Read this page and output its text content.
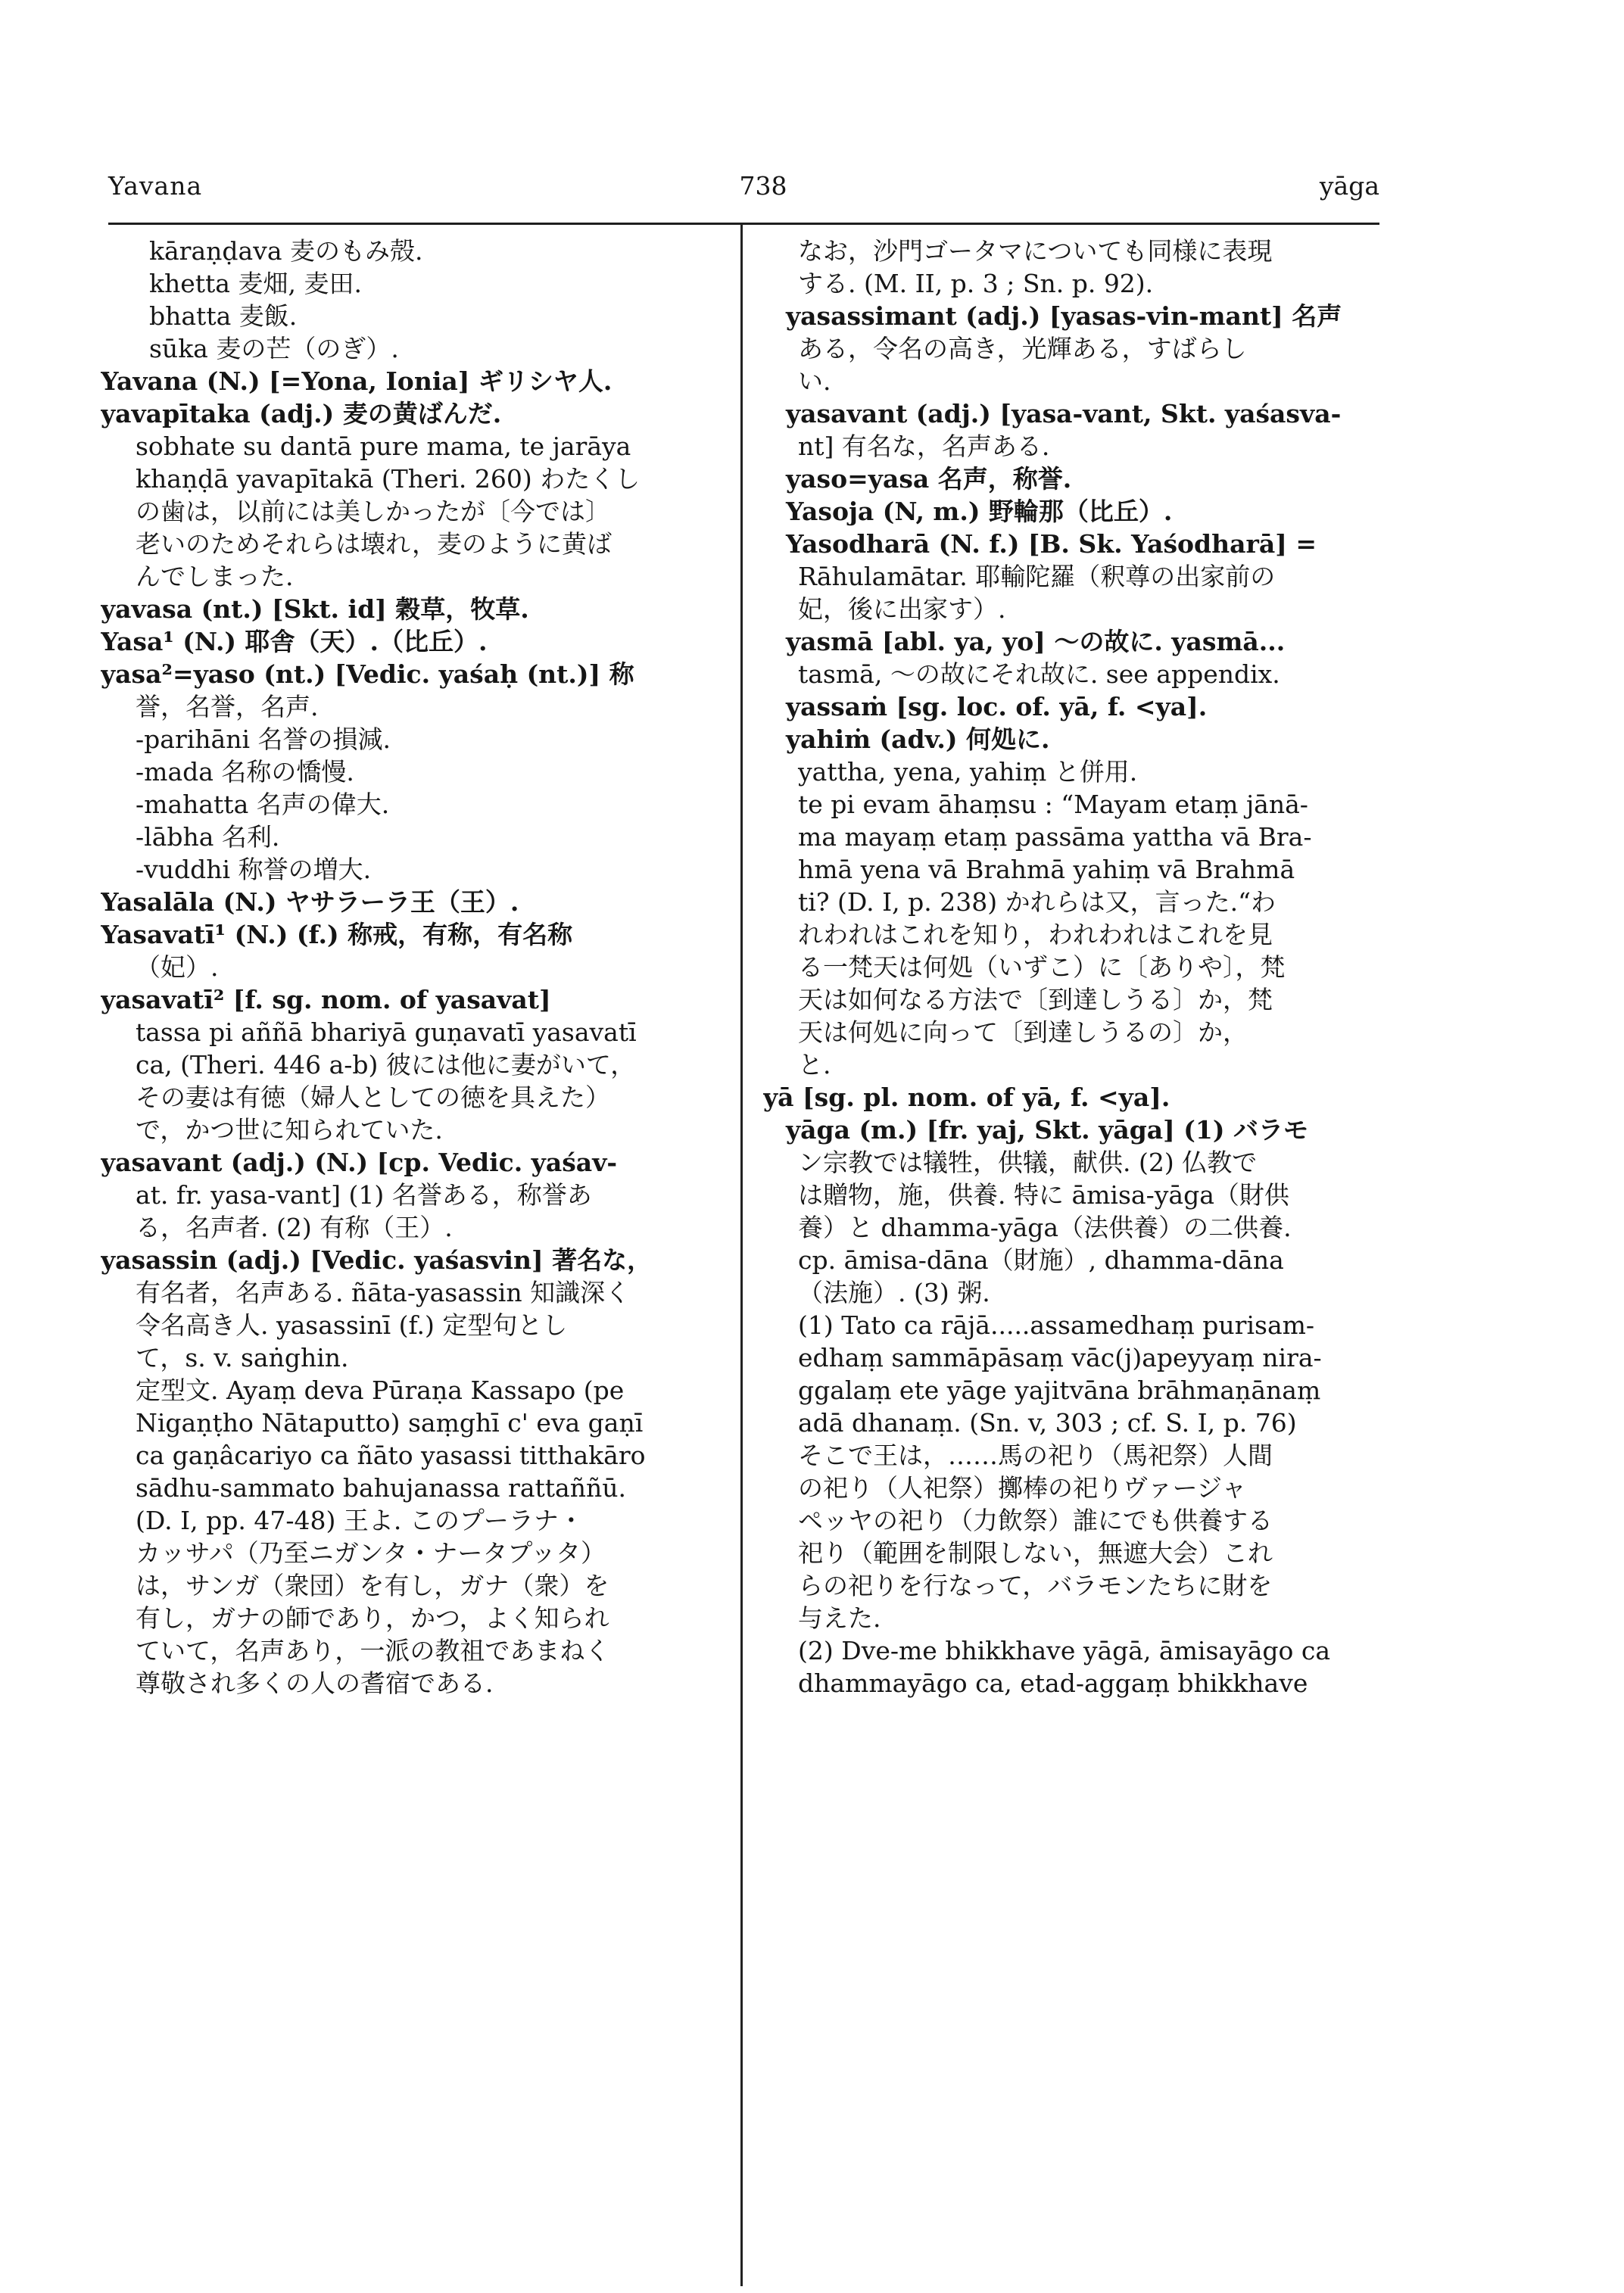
Yavana	738	yāga
kāraṇḍava 麦のもみ殻.
khetta 麦畑, 麦田.
bhatta 麦飯.
sūka 麦の芒（のぎ）.
Yavana (N.) [=Yona, Ionia] ギリシヤ人.
yavapītaka (adj.) 麦の黄ばんだ.
sobhate su dantā pure mama, te jarāya
khaṇḍā yavapītakā (Theri. 260) わたくし
の歯は，以前には美しかったが〔今では〕
老いのためそれらは壊れ，麦のように黄ば
んでしまった.
yavasa (nt.) [Skt. id] 穀草，牧草.
Yasa¹ (N.) 耶舎（天）.（比丘）.
yasa²=yaso (nt.) [Vedic. yaśaḥ (nt.)] 称
誉，名誉，名声.
-parihāni 名誉の損減.
-mada 名称の憍慢.
-mahatta 名声の偉大.
-lābha 名利.
-vuddhi 称誉の増大.
Yasalāla (N.) ヤサラーラ王（王）.
Yasavatī¹ (N.) (f.) 称戒，有称，有名称
（妃）.
yasavatī² [f. sg. nom. of yasavat]
tassa pi aññā bhariyā guṇavatī yasavatī
ca, (Theri. 446 a-b) 彼には他に妻がいて，
その妻は有徳（婦人としての徳を具えた）
で，かつ世に知られていた.
yasavant (adj.) (N.) [cp. Vedic. yaśav-
at. fr. yasa-vant] (1) 名誉ある，称誉あ
る，名声者. (2) 有称（王）.
yasassin (adj.) [Vedic. yaśasvin] 著名な，
有名者，名声ある. ñāta-yasassin 知識深く
令名高き人. yasassinī (f.) 定型句とし
て，s. v. saṅghin.
定型文. Ayaṃ deva Pūraṇa Kassapo (pe
Nigaṇṭho Nātaputto) saṃghī c' eva gaṇī
ca gaṇâcariyo ca ñāto yasassi titthakāro
sādhu-sammato bahujanassa rattaññū.
(D. I, pp. 47-48) 王よ. このプーラナ・
カッサパ（乃至ニガンタ・ナータプッタ）
は，サンガ（衆団）を有し，ガナ（衆）を
有し，ガナの師であり，かつ，よく知られ
ていて，名声あり，一派の教祖であまねく
尊敬され多くの人の耆宿である.
なお，沙門ゴータマについても同様に表現
する. (M. II, p. 3 ; Sn. p. 92).
yasassimant (adj.) [yasas-vin-mant] 名声
ある，令名の高き，光輝ある，すばらし
い.
yasavant (adj.) [yasa-vant, Skt. yaśasva-
nt] 有名な，名声ある.
yaso=yasa 名声，称誉.
Yasoja (N, m.) 野輪那（比丘）.
Yasodharā (N. f.) [B. Sk. Yaśodharā] =
Rāhulamātar. 耶輸陀羅（釈尊の出家前の
妃，後に出家す）.
yasmā [abl. ya, yo] ～の故に. yasmā...
tasmā, ～の故にそれ故に. see appendix.
yassaṁ [sg. loc. of. yā, f. <ya].
yahiṁ (adv.) 何処に.
yattha, yena, yahiṃ と併用.
te pi evam āhaṃsu : “Mayam etaṃ jānā-
ma mayaṃ etaṃ passāma yattha vā Bra-
hmā yena vā Brahmā yahiṃ vā Brahmā
ti? (D. I, p. 238) かれらは又，言った.“わ
れわれはこれを知り，われわれはこれを見
る一梵天は何処（いずこ）に〔ありや〕，梵
天は如何なる方法で〔到達しうる〕か，梵
天は何処に向って〔到達しうるの〕か，
と.
yā [sg. pl. nom. of yā, f. <ya].
yāga (m.) [fr. yaj, Skt. yāga] (1) バラモ
ン宗教では犠牲，供犠，献供. (2) 仏教で
は贈物，施，供養. 特に āmisa-yāga（財供
養）と dhamma-yāga（法供養）の二供養.
cp. āmisa-dāna（財施）, dhamma-dāna
（法施）. (3) 粥.
(1) Tato ca rājā.....assamedhaṃ purisam-
edhaṃ sammāpāsaṃ vāc(j)apeyyaṃ nira-
ggalaṃ ete yāge yajitvāna brāhmaṇānaṃ
adā dhanaṃ. (Sn. v, 303 ; cf. S. I, p. 76)
そこで王は，……馬の祀り（馬祀祭）人間
の祀り（人祀祭）擲棒の祀りヴァージャ
ペッヤの祀り（力飲祭）誰にでも供養する
祀り（範囲を制限しない，無遮大会）これ
らの祀りを行なって，バラモンたちに財を
与えた.
(2) Dve-me bhikkhave yāgā, āmisayāgo ca
dhammayāgo ca, etad-aggaṃ bhikkhave
